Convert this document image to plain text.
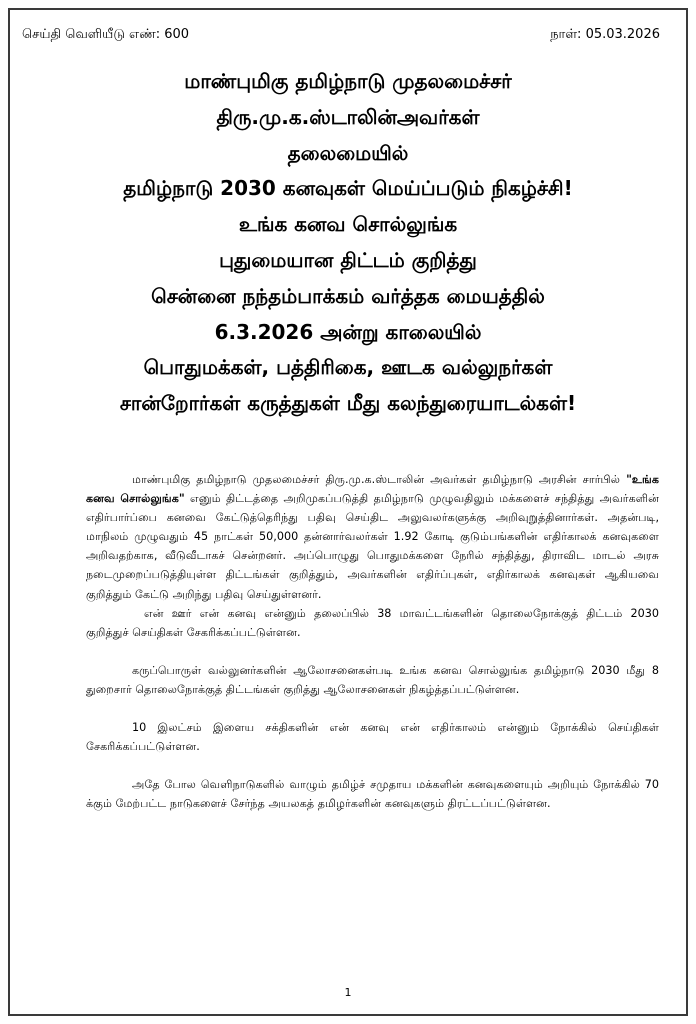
செய்தி வெளியீடு எண்: 600	நாள்: 05.03.2026
மாண்புமிகு தமிழ்நாடு முதலமைச்சர்
திரு.மு.க.ஸ்டாலின்அவர்கள்
தலைமையில்
தமிழ்நாடு 2030 கனவுகள் மெய்ப்படும் நிகழ்ச்சி!
உங்க கனவ சொல்லுங்க
புதுமையான திட்டம் குறித்து
சென்னை நந்தம்பாக்கம் வர்த்தக மையத்தில்
6.3.2026 அன்று காலையில்
பொதுமக்கள், பத்திரிகை, ஊடக வல்லுநர்கள்
சான்றோர்கள் கருத்துகள் மீது கலந்துரையாடல்கள்!

மாண்புமிகு தமிழ்நாடு முதலமைச்சர் திரு.மு.க.ஸ்டாலின் அவர்கள் தமிழ்நாடு அரசின் சார்பில் "உங்க கனவ சொல்லுங்க" எனும் திட்டத்தை அறிமுகப்படுத்தி தமிழ்நாடு முழுவதிலும் மக்களைச் சந்தித்து அவர்களின் எதிர்பார்ப்பை கனவை கேட்டுத்தெரிந்து பதிவு செய்திட அலுவலர்களுக்கு அறிவுறுத்தினார்கள். அதன்படி, மாநிலம் முழுவதும் 45 நாட்கள் 50,000 தன்னார்வலர்கள் 1.92 கோடி குடும்பங்களின் எதிர்காலக் கனவுகளை அறிவதற்காக, வீடுவீடாகச் சென்றனர். அப்பொழுது பொதுமக்களை நேரில் சந்தித்து, திராவிட மாடல் அரசு நடைமுறைப்படுத்தியுள்ள திட்டங்கள் குறித்தும், அவர்களின் எதிர்ப்புகள், எதிர்காலக் கனவுகள் ஆகியவை குறித்தும் கேட்டு அறிந்து பதிவு செய்துள்ளனர்.

என் ஊர் என் கனவு என்னும் தலைப்பில் 38 மாவட்டங்களின் தொலைநோக்குத் திட்டம் 2030 குறித்துச் செய்திகள் சேகரிக்கப்பட்டுள்ளன.

கருப்பொருள் வல்லுனர்களின் ஆலோசனைகள்படி உங்க கனவ சொல்லுங்க தமிழ்நாடு 2030 மீது 8 துறைசார் தொலைநோக்குத் திட்டங்கள் குறித்து ஆலோசனைகள் நிகழ்த்தப்பட்டுள்ளன.

10 இலட்சம் இளைய சக்திகளின் என் கனவு என் எதிர்காலம் என்னும் நோக்கில் செய்திகள் சேகரிக்கப்பட்டுள்ளன.

அதே போல வெளிநாடுகளில் வாழும் தமிழ்ச் சமுதாய மக்களின் கனவுகளையும் அறியும் நோக்கில் 70 க்கும் மேற்பட்ட நாடுகளைச் சேர்ந்த அயலகத் தமிழர்களின் கனவுகளும் திரட்டப்பட்டுள்ளன.

1
